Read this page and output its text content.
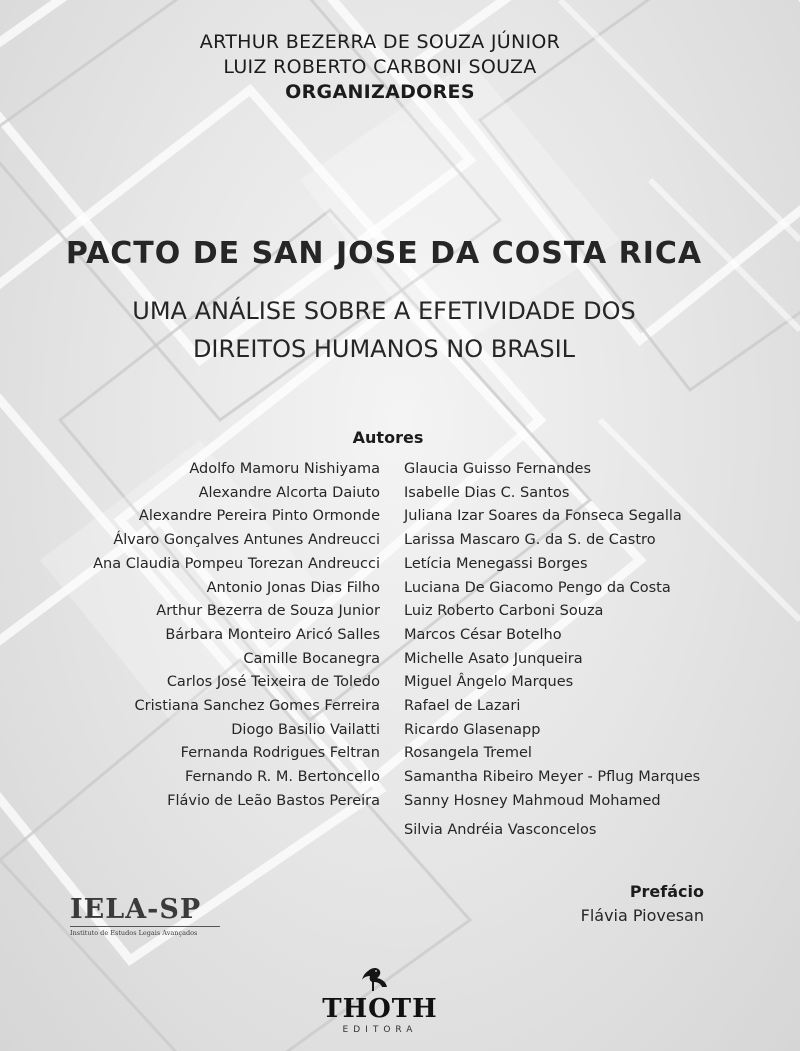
ARTHUR BEZERRA DE SOUZA JÚNIOR
LUIZ ROBERTO CARBONI SOUZA
ORGANIZADORES
PACTO DE SAN JOSE DA COSTA RICA
UMA ANÁLISE SOBRE A EFETIVIDADE DOS
DIREITOS HUMANOS NO BRASIL
Autores
Adolfo Mamoru Nishiyama
Alexandre Alcorta Daiuto
Alexandre Pereira Pinto Ormonde
Álvaro Gonçalves Antunes Andreucci
Ana Claudia Pompeu Torezan Andreucci
Antonio Jonas Dias Filho
Arthur Bezerra de Souza Junior
Bárbara Monteiro Aricó Salles
Camille Bocanegra
Carlos José Teixeira de Toledo
Cristiana Sanchez Gomes Ferreira
Diogo Basilio Vailatti
Fernanda Rodrigues Feltran
Fernando R. M. Bertoncello
Flávio de Leão Bastos Pereira
Glaucia Guisso Fernandes
Isabelle Dias C. Santos
Juliana Izar Soares da Fonseca Segalla
Larissa Mascaro G. da S. de Castro
Letícia Menegassi Borges
Luciana De Giacomo Pengo da Costa
Luiz Roberto Carboni Souza
Marcos César Botelho
Michelle Asato Junqueira
Miguel Ângelo Marques
Rafael de Lazari
Ricardo Glasenapp
Rosangela Tremel
Samantha Ribeiro Meyer - Pflug Marques
Sanny Hosney Mahmoud Mohamed
Silvia Andréia Vasconcelos
IELA-SP
Instituto de Estudos Legais Avançados
Prefácio
Flávia Piovesan
THOTH
EDITORA
